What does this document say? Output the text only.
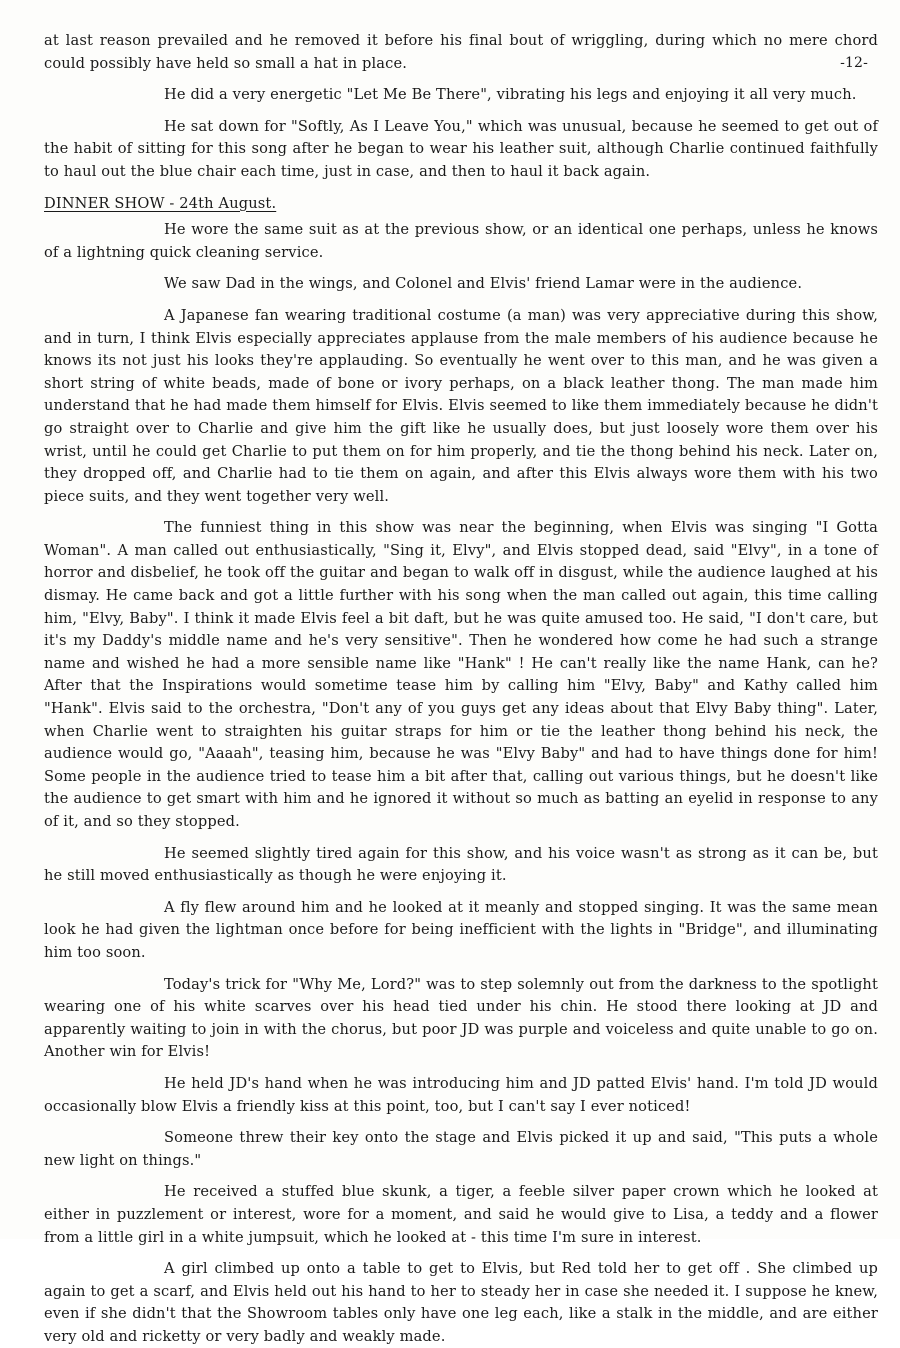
-12-

at last reason prevailed and he removed it before his final bout of wriggling, during which no mere chord could possibly have held so small a hat in place.

He did a very energetic "Let Me Be There", vibrating his legs and enjoying it all very much.

He sat down for "Softly, As I Leave You," which was unusual, because he seemed to get out of the habit of sitting for this song after he began to wear his leather suit, although Charlie continued faithfully to haul out the blue chair each time, just in case, and then to haul it back again.

DINNER SHOW - 24th August.

He wore the same suit as at the previous show, or an identical one perhaps, unless he knows of a lightning quick cleaning service.

We saw Dad in the wings, and Colonel and Elvis' friend Lamar were in the audience.

A Japanese fan wearing traditional costume (a man) was very appreciative during this show, and in turn, I think Elvis especially appreciates applause from the male members of his audience because he knows its not just his looks they're applauding. So eventually he went over to this man, and he was given a short string of white beads, made of bone or ivory perhaps, on a black leather thong. The man made him understand that he had made them himself for Elvis. Elvis seemed to like them immediately because he didn't go straight over to Charlie and give him the gift like he usually does, but just loosely wore them over his wrist, until he could get Charlie to put them on for him properly, and tie the thong behind his neck. Later on, they dropped off, and Charlie had to tie them on again, and after this Elvis always wore them with his two piece suits, and they went together very well.

The funniest thing in this show was near the beginning, when Elvis was singing "I Gotta Woman". A man called out enthusiastically, "Sing it, Elvy", and Elvis stopped dead, said "Elvy", in a tone of horror and disbelief, he took off the guitar and began to walk off in disgust, while the audience laughed at his dismay. He came back and got a little further with his song when the man called out again, this time calling him, "Elvy, Baby". I think it made Elvis feel a bit daft, but he was quite amused too. He said, "I don't care, but it's my Daddy's middle name and he's very sensitive". Then he wondered how come he had such a strange name and wished he had a more sensible name like "Hank" ! He can't really like the name Hank, can he? After that the Inspirations would sometime tease him by calling him "Elvy, Baby" and Kathy called him "Hank". Elvis said to the orchestra, "Don't any of you guys get any ideas about that Elvy Baby thing". Later, when Charlie went to straighten his guitar straps for him or tie the leather thong behind his neck, the audience would go, "Aaaah", teasing him, because he was "Elvy Baby" and had to have things done for him! Some people in the audience tried to tease him a bit after that, calling out various things, but he doesn't like the audience to get smart with him and he ignored it without so much as batting an eyelid in response to any of it, and so they stopped.

He seemed slightly tired again for this show, and his voice wasn't as strong as it can be, but he still moved enthusiastically as though he were enjoying it.

A fly flew around him and he looked at it meanly and stopped singing. It was the same mean look he had given the lightman once before for being inefficient with the lights in "Bridge", and illuminating him too soon.

Today's trick for "Why Me, Lord?" was to step solemnly out from the darkness to the spotlight wearing one of his white scarves over his head tied under his chin. He stood there looking at JD and apparently waiting to join in with the chorus, but poor JD was purple and voiceless and quite unable to go on. Another win for Elvis!

He held JD's hand when he was introducing him and JD patted Elvis' hand. I'm told JD would occasionally blow Elvis a friendly kiss at this point, too, but I can't say I ever noticed!

Someone threw their key onto the stage and Elvis picked it up and said, "This puts a whole new light on things."

He received a stuffed blue skunk, a tiger, a feeble silver paper crown which he looked at either in puzzlement or interest, wore for a moment, and said he would give to Lisa, a teddy and a flower from a little girl in a white jumpsuit, which he looked at - this time I'm sure in interest.

A girl climbed up onto a table to get to Elvis, but Red told her to get off . She climbed up again to get a scarf, and Elvis held out his hand to her to steady her in case she needed it. I suppose he knew, even if she didn't that the Showroom tables only have one leg each, like a stalk in the middle, and are either very old and ricketty or very badly and weakly made.
